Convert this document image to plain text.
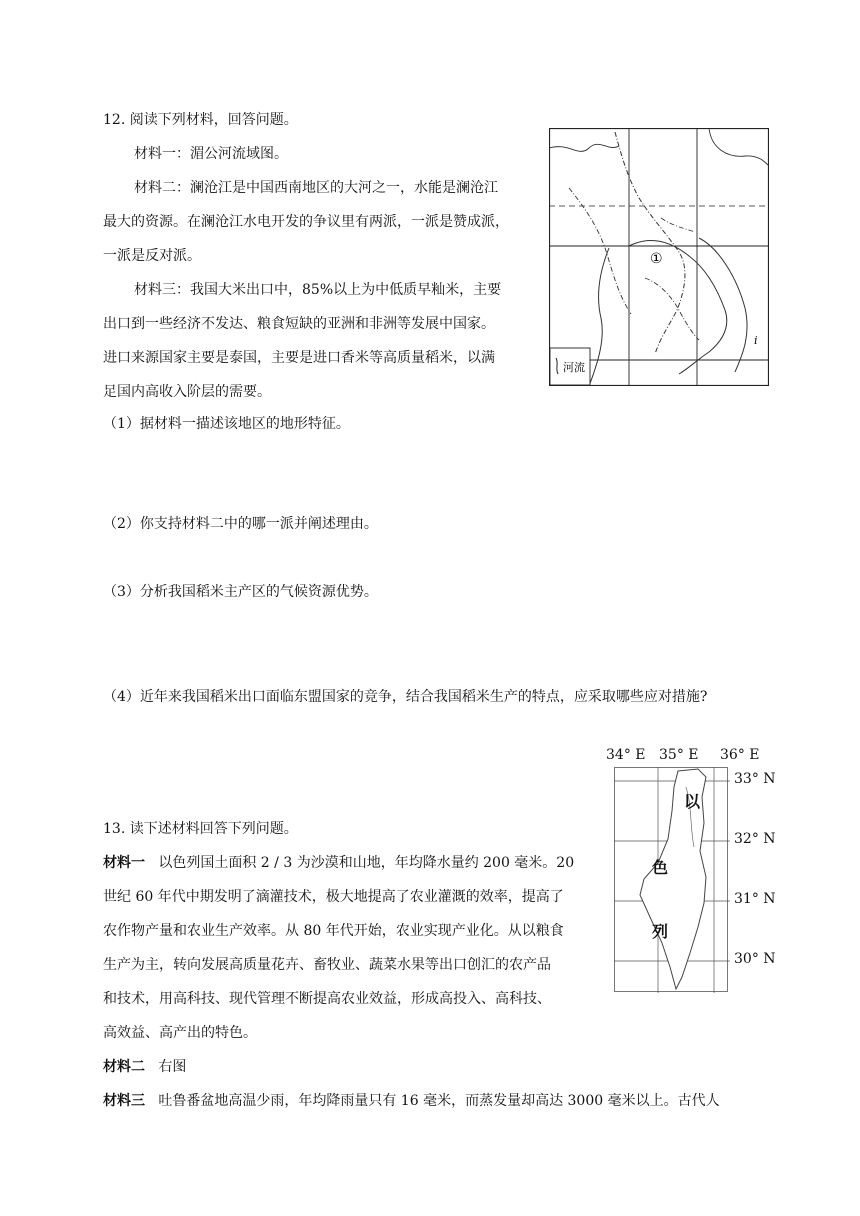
12. 阅读下列材料，回答问题。
材料一：湄公河流域图。
材料二：澜沧江是中国西南地区的大河之一，水能是澜沧江
最大的资源。在澜沧江水电开发的争议里有两派，一派是赞成派，
一派是反对派。
材料三：我国大米出口中，85%以上为中低质早籼米，主要
出口到一些经济不发达、粮食短缺的亚洲和非洲等发展中国家。
进口来源国家主要是泰国，主要是进口香米等高质量稻米，以满
足国内高收入阶层的需要。
（1）据材料一描述该地区的地形特征。
（2）你支持材料二中的哪一派并阐述理由。
（3）分析我国稻米主产区的气候资源优势。
（4）近年来我国稻米出口面临东盟国家的竞争，结合我国稻米生产的特点，应采取哪些应对措施?
河流
①
i
13. 读下述材料回答下列问题。
材料一 以色列国土面积 2 / 3 为沙漠和山地，年均降水量约 200 毫米。20
世纪 60 年代中期发明了滴灌技术，极大地提高了农业灌溉的效率，提高了
农作物产量和农业生产效率。从 80 年代开始，农业实现产业化。从以粮食
生产为主，转向发展高质量花卉、畜牧业、蔬菜水果等出口创汇的农产品
和技术，用高科技、现代管理不断提高农业效益，形成高投入、高科技、
高效益、高产出的特色。
材料二 右图
材料三 吐鲁番盆地高温少雨，年均降雨量只有 16 毫米，而蒸发量却高达 3000 毫米以上。古代人
34° E 35° E 36° E
33° N
32° N
31° N
30° N
以
色
列
